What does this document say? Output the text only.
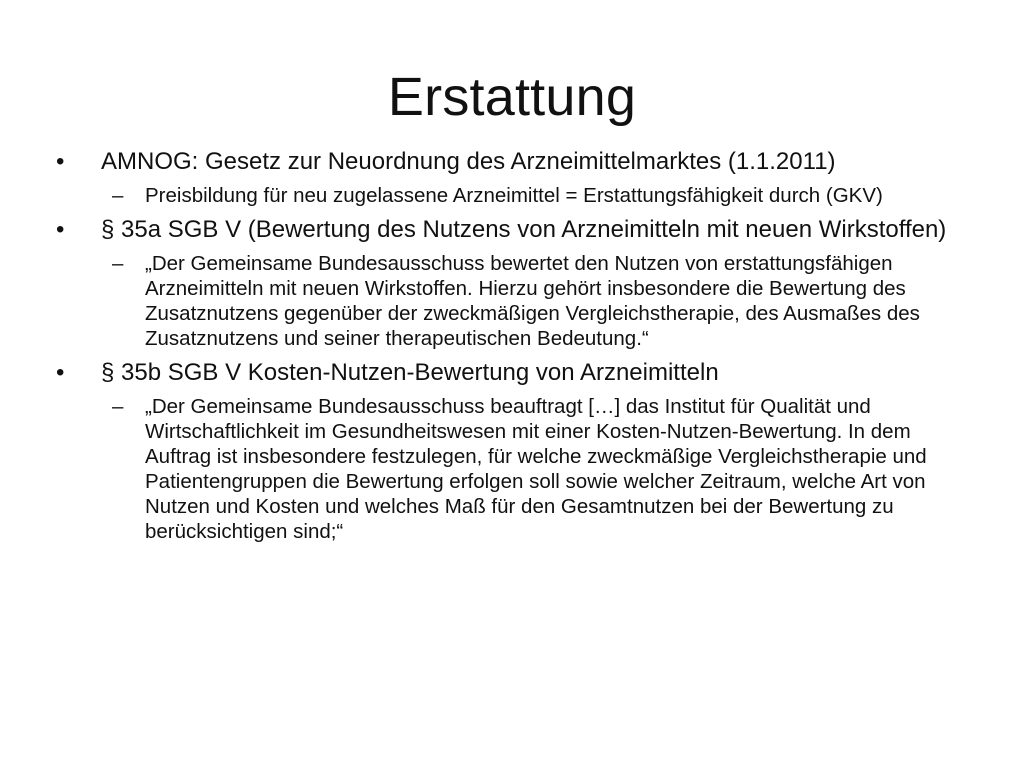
Erstattung
•	AMNOG: Gesetz zur Neuordnung des Arzneimittelmarktes (1.1.2011)
–	Preisbildung für neu zugelassene Arzneimittel = Erstattungsfähigkeit durch (GKV)
•	§ 35a SGB V (Bewertung des Nutzens von Arzneimitteln mit neuen Wirkstoffen)
–	„Der Gemeinsame Bundesausschuss bewertet den Nutzen von erstattungsfähigen Arzneimitteln mit neuen Wirkstoffen. Hierzu gehört insbesondere die Bewertung des Zusatznutzens gegenüber der zweckmäßigen Vergleichstherapie, des Ausmaßes des Zusatznutzens und seiner therapeutischen Bedeutung.“
•	§ 35b SGB V Kosten-Nutzen-Bewertung von Arzneimitteln
–	„Der Gemeinsame Bundesausschuss beauftragt […] das Institut für Qualität und Wirtschaftlichkeit im Gesundheitswesen mit einer Kosten-Nutzen-Bewertung. In dem Auftrag ist insbesondere festzulegen, für welche zweckmäßige Vergleichstherapie und Patientengruppen die Bewertung erfolgen soll sowie welcher Zeitraum, welche Art von Nutzen und Kosten und welches Maß für den Gesamtnutzen bei der Bewertung zu berücksichtigen sind;“
